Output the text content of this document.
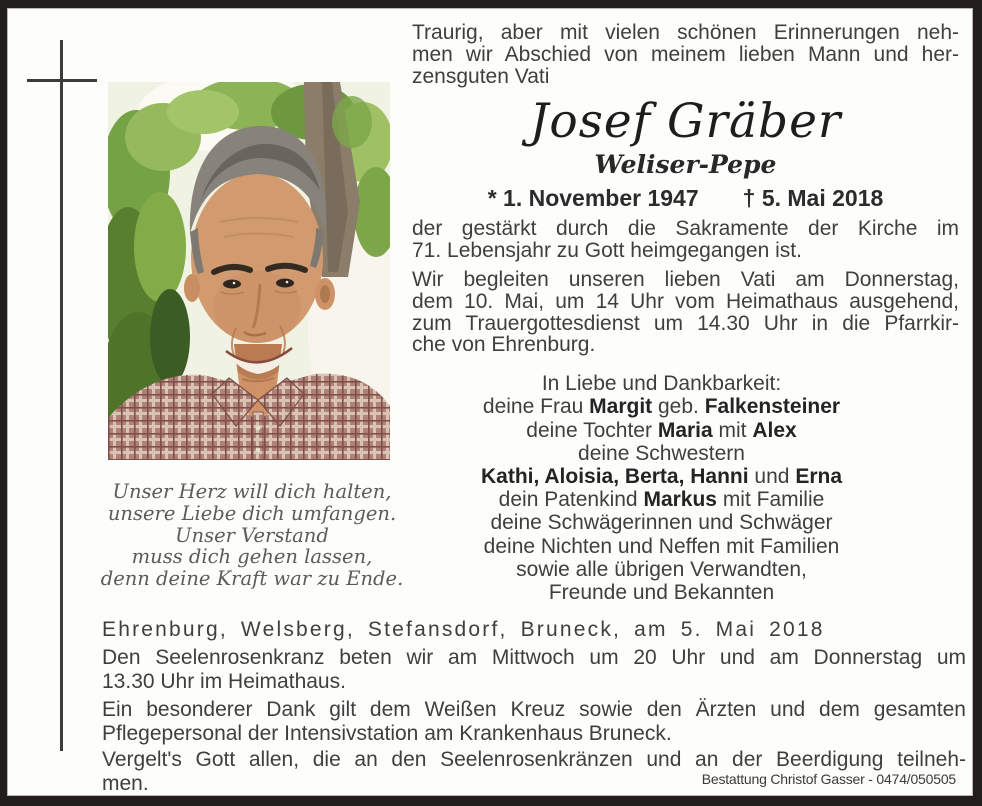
Unser Herz will dich halten,
unsere Liebe dich umfangen.
Unser Verstand
muss dich gehen lassen,
denn deine Kraft war zu Ende.
Traurig, aber mit vielen schönen Erinnerungen neh-
men wir Abschied von meinem lieben Mann und her-
zensguten Vati
Josef Gräber
Weliser-Pepe
* 1. November 1947 † 5. Mai 2018
der gestärkt durch die Sakramente der Kirche im
71. Lebensjahr zu Gott heimgegangen ist.
Wir begleiten unseren lieben Vati am Donnerstag,
dem 10. Mai, um 14 Uhr vom Heimathaus ausgehend,
zum Trauergottesdienst um 14.30 Uhr in die Pfarrkir-
che von Ehrenburg.
In Liebe und Dankbarkeit:
deine Frau Margit geb. Falkensteiner
deine Tochter Maria mit Alex
deine Schwestern
Kathi, Aloisia, Berta, Hanni und Erna
dein Patenkind Markus mit Familie
deine Schwägerinnen und Schwäger
deine Nichten und Neffen mit Familien
sowie alle übrigen Verwandten,
Freunde und Bekannten
Ehrenburg, Welsberg, Stefansdorf, Bruneck, am 5. Mai 2018
Den Seelenrosenkranz beten wir am Mittwoch um 20 Uhr und am Donnerstag um
13.30 Uhr im Heimathaus.
Ein besonderer Dank gilt dem Weißen Kreuz sowie den Ärzten und dem gesamten
Pflegepersonal der Intensivstation am Krankenhaus Bruneck.
Vergelt's Gott allen, die an den Seelenrosenkränzen und an der Beerdigung teilneh-
men.	Bestattung Christof Gasser - 0474/050505
